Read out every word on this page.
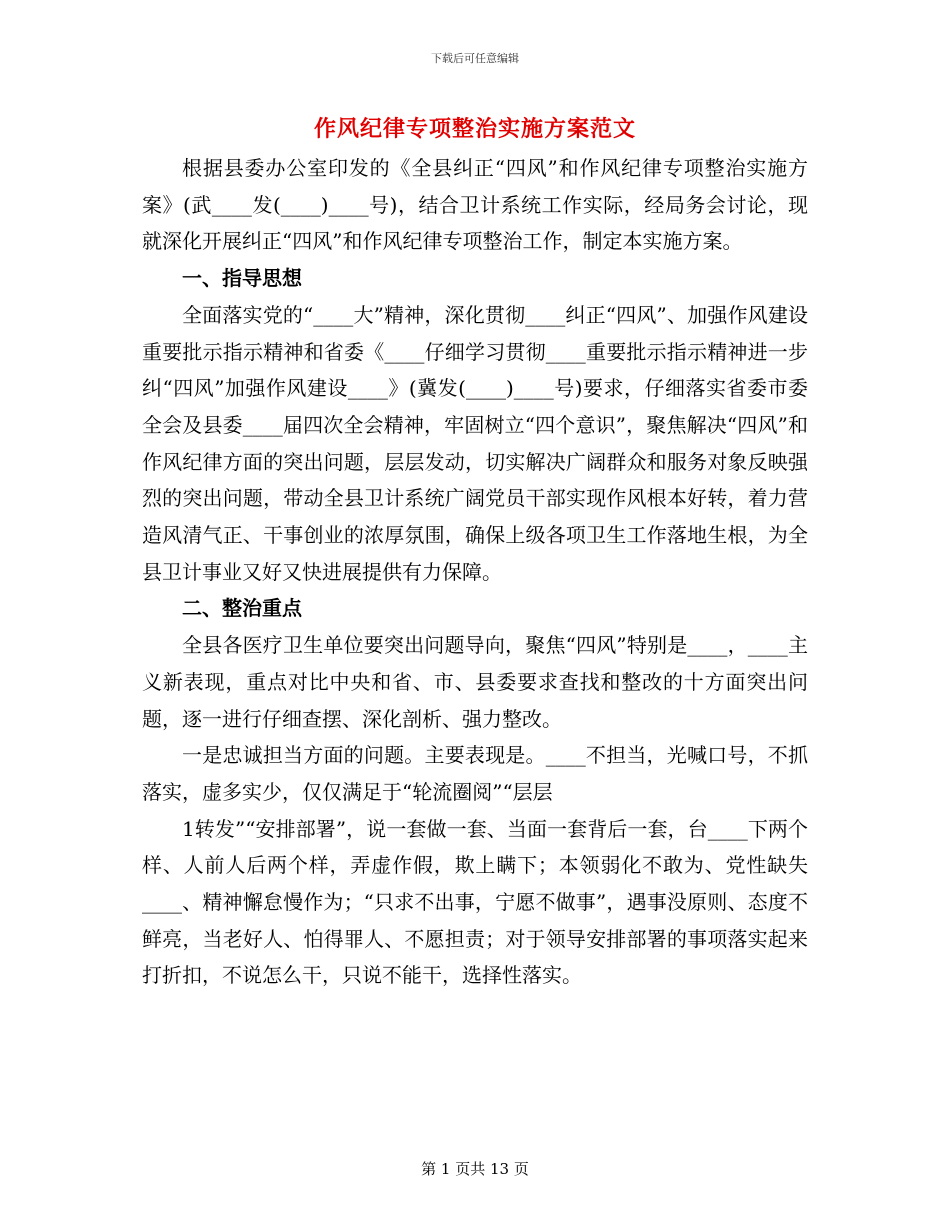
下载后可任意编辑
作风纪律专项整治实施方案范文

根据县委办公室印发的《全县纠正“四风”和作风纪律专项整治实施方案》(武____发(____)____号)，结合卫计系统工作实际，经局务会讨论，现就深化开展纠正“四风”和作风纪律专项整治工作，制定本实施方案。

一、指导思想

全面落实党的“____大”精神，深化贯彻____纠正“四风”、加强作风建设重要批示指示精神和省委《____仔细学习贯彻____重要批示指示精神进一步纠“四风”加强作风建设____》(冀发(____)____号)要求，仔细落实省委市委全会及县委____届四次全会精神，牢固树立“四个意识”，聚焦解决“四风”和作风纪律方面的突出问题，层层发动，切实解决广阔群众和服务对象反映强烈的突出问题，带动全县卫计系统广阔党员干部实现作风根本好转，着力营造风清气正、干事创业的浓厚氛围，确保上级各项卫生工作落地生根，为全县卫计事业又好又快进展提供有力保障。

二、整治重点

全县各医疗卫生单位要突出问题导向，聚焦“四风”特别是____，____主义新表现，重点对比中央和省、市、县委要求查找和整改的十方面突出问题，逐一进行仔细查摆、深化剖析、强力整改。

一是忠诚担当方面的问题。主要表现是。____不担当，光喊口号，不抓落实，虚多实少，仅仅满足于“轮流圈阅”“层层

1转发”“安排部署”，说一套做一套、当面一套背后一套，台____下两个样、人前人后两个样，弄虚作假，欺上瞒下；本领弱化不敢为、党性缺失____、精神懈怠慢作为；“只求不出事，宁愿不做事”，遇事没原则、态度不鲜亮，当老好人、怕得罪人、不愿担责；对于领导安排部署的事项落实起来打折扣，不说怎么干，只说不能干，选择性落实。

第 1 页共 13 页
